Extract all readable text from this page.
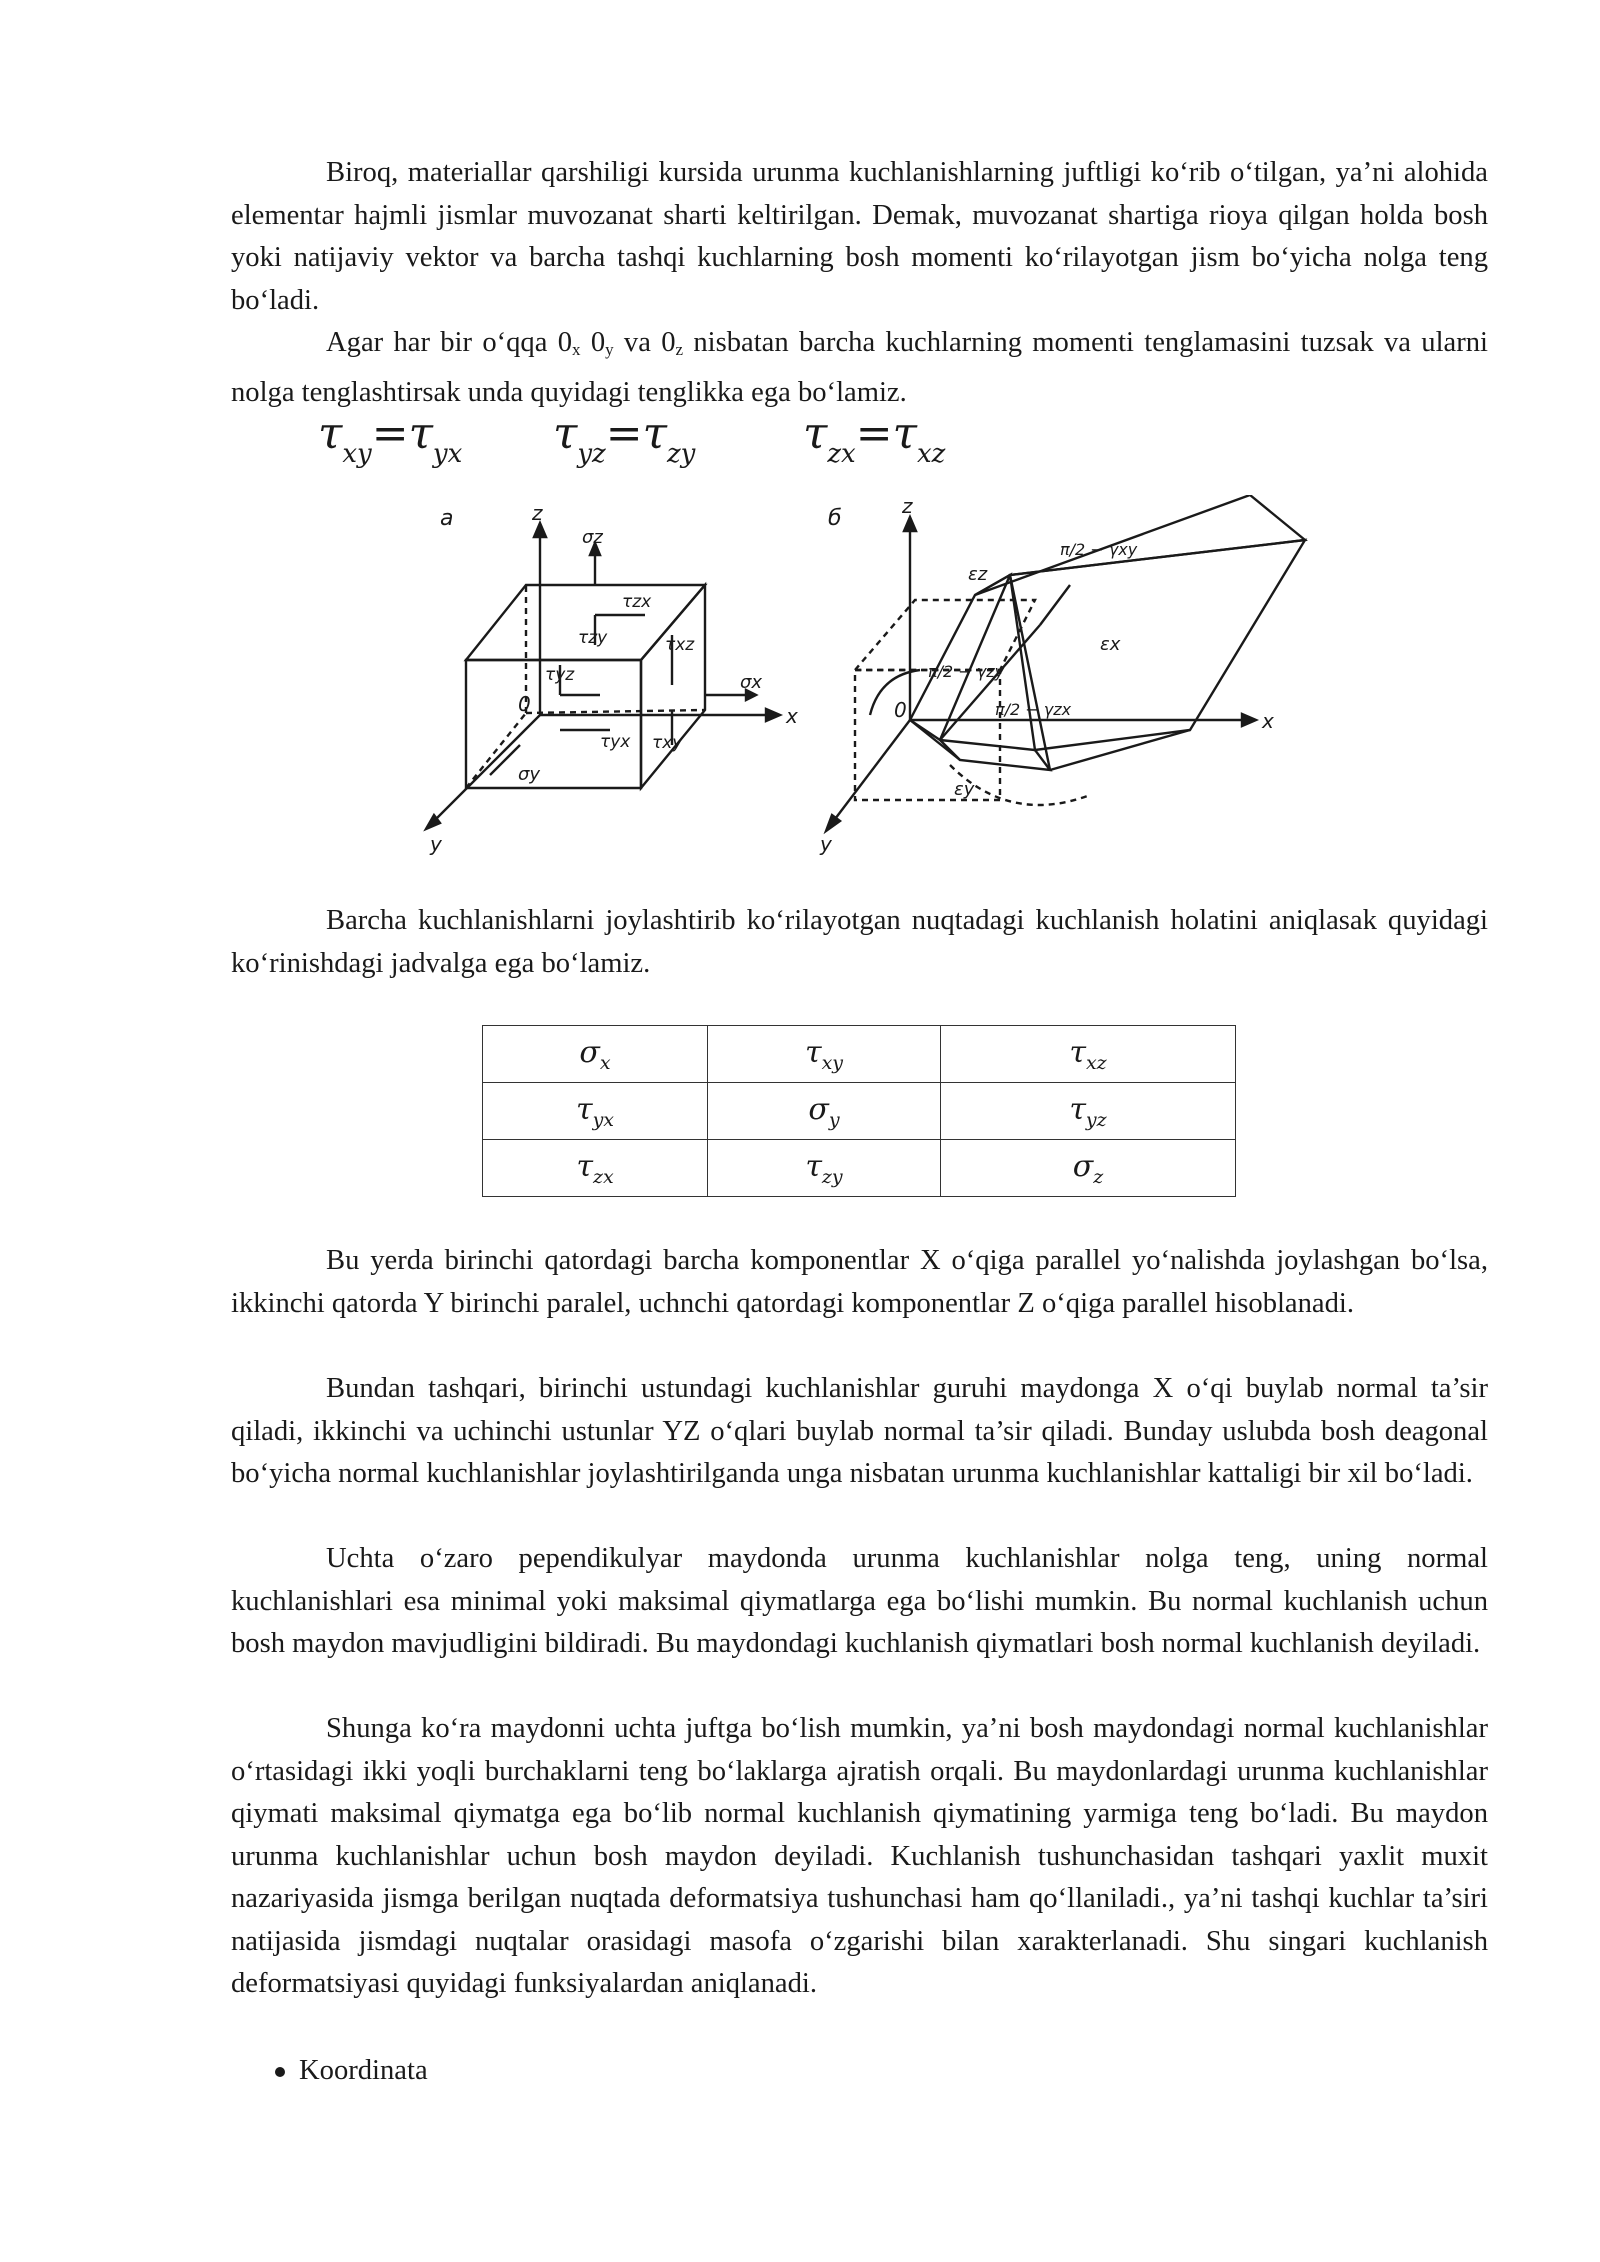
Biroq, materiallar qarshiligi kursida urunma kuchlanishlarning juftligi ko‘rib o‘tilgan, ya’ni alohida elementar hajmli jismlar muvozanat sharti keltirilgan. Demak, muvozanat shartiga rioya qilgan holda bosh yoki natijaviy vektor va barcha tashqi kuchlarning bosh momenti ko‘rilayotgan jism bo‘yicha nolga teng bo‘ladi.

Agar har bir o‘qqa $0_x$ $0_y$ va $0_z$ nisbatan barcha kuchlarning momenti tenglamasini tuzsak va ularni nolga tenglashtirsak unda quyidagi tenglikka ega bo‘lamiz.

$\tau_{xy}=\tau_{yx}$ $\tau_{yz}=\tau_{zy}$ $\tau_{zx}=\tau_{xz}$
a	z
x
y
0
σz
τzx
τzy	τxz
τyz	σx
τyx τxy
σy
б	z
x
y
0
εz
εx
εy
π/2 − γxy
π/2 − γzy
π/2 − γzx

Barcha kuchlanishlarni joylashtirib ko‘rilayotgan nuqtadagi kuchlanish holatini aniqlasak quyidagi ko‘rinishdagi jadvalga ega bo‘lamiz.

$\sigma_x$	$\tau_{xy}$	$\tau_{xz}$
$\tau_{yx}$	$\sigma_y$	$\tau_{yz}$
$\tau_{zx}$	$\tau_{zy}$	$\sigma_z$

Bu yerda birinchi qatordagi barcha komponentlar X o‘qiga parallel yo‘nalishda joylashgan bo‘lsa, ikkinchi qatorda Y birinchi paralel, uchnchi qatordagi komponentlar Z o‘qiga parallel hisoblanadi.

Bundan tashqari, birinchi ustundagi kuchlanishlar guruhi maydonga X o‘qi buylab normal ta’sir qiladi, ikkinchi va uchinchi ustunlar YZ o‘qlari buylab normal ta’sir qiladi. Bunday uslubda bosh deagonal bo‘yicha normal kuchlanishlar joylashtirilganda unga nisbatan urunma kuchlanishlar kattaligi bir xil bo‘ladi.

Uchta o‘zaro pependikulyar maydonda urunma kuchlanishlar nolga teng, uning normal kuchlanishlari esa minimal yoki maksimal qiymatlarga ega bo‘lishi mumkin. Bu normal kuchlanish uchun bosh maydon mavjudligini bildiradi. Bu maydondagi kuchlanish qiymatlari bosh normal kuchlanish deyiladi.

Shunga ko‘ra maydonni uchta juftga bo‘lish mumkin, ya’ni bosh maydondagi normal kuchlanishlar o‘rtasidagi ikki yoqli burchaklarni teng bo‘laklarga ajratish orqali. Bu maydonlardagi urunma kuchlanishlar qiymati maksimal qiymatga ega bo‘lib normal kuchlanish qiymatining yarmiga teng bo‘ladi. Bu maydon urunma kuchlanishlar uchun bosh maydon deyiladi. Kuchlanish tushunchasidan tashqari yaxlit muxit nazariyasida jismga berilgan nuqtada deformatsiya tushunchasi ham qo‘llaniladi., ya’ni tashqi kuchlar ta’siri natijasida jismdagi nuqtalar orasidagi masofa o‘zgarishi bilan xarakterlanadi. Shu singari kuchlanish deformatsiyasi quyidagi funksiyalardan aniqlanadi.

Koordinata
